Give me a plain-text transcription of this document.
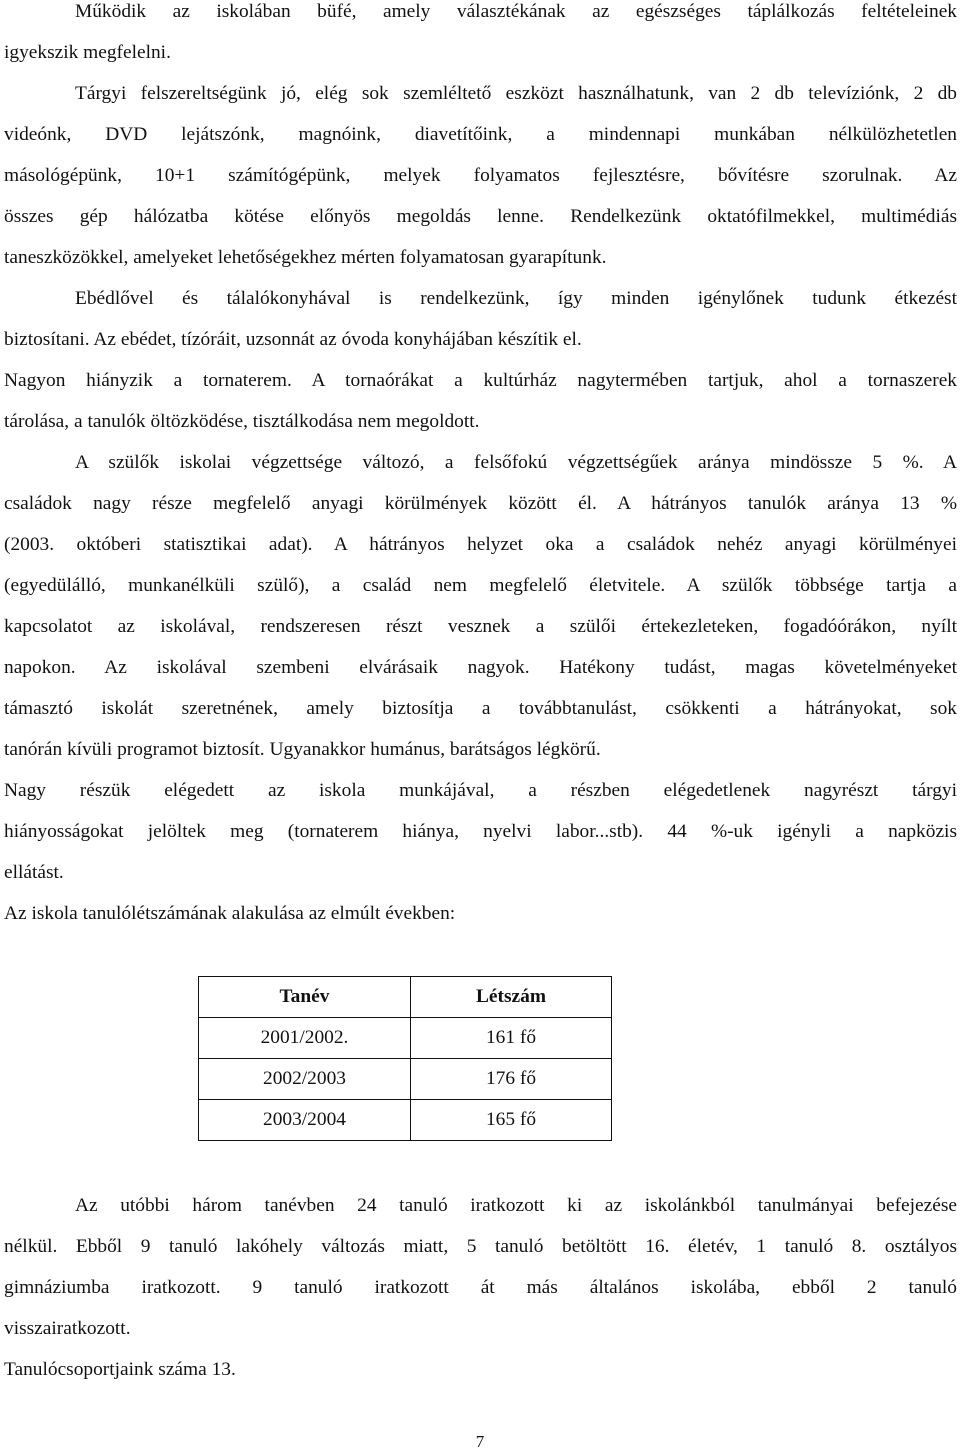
Működik az iskolában büfé, amely választékának az egészséges táplálkozás feltételeinek
igyekszik megfelelni.
Tárgyi felszereltségünk jó, elég sok szemléltető eszközt használhatunk, van 2 db televíziónk, 2 db
videónk, DVD lejátszónk, magnóink, diavetítőink, a mindennapi munkában nélkülözhetetlen
másológépünk, 10+1 számítógépünk, melyek folyamatos fejlesztésre, bővítésre szorulnak. Az
összes gép hálózatba kötése előnyös megoldás lenne. Rendelkezünk oktatófilmekkel, multimédiás
taneszközökkel, amelyeket lehetőségekhez mérten folyamatosan gyarapítunk.
Ebédlővel és tálalókonyhával is rendelkezünk, így minden igénylőnek tudunk étkezést
biztosítani. Az ebédet, tízóráit, uzsonnát az óvoda konyhájában készítik el.
Nagyon hiányzik a tornaterem. A tornaórákat a kultúrház nagytermében tartjuk, ahol a tornaszerek
tárolása, a tanulók öltözködése, tisztálkodása nem megoldott.
A szülők iskolai végzettsége változó, a felsőfokú végzettségűek aránya mindössze 5 %. A
családok nagy része megfelelő anyagi körülmények között él. A hátrányos tanulók aránya 13 %
(2003. októberi statisztikai adat). A hátrányos helyzet oka a családok nehéz anyagi körülményei
(egyedülálló, munkanélküli szülő), a család nem megfelelő életvitele. A szülők többsége tartja a
kapcsolatot az iskolával, rendszeresen részt vesznek a szülői értekezleteken, fogadóórákon, nyílt
napokon. Az iskolával szembeni elvárásaik nagyok. Hatékony tudást, magas követelményeket
támasztó iskolát szeretnének, amely biztosítja a továbbtanulást, csökkenti a hátrányokat, sok
tanórán kívüli programot biztosít. Ugyanakkor humánus, barátságos légkörű.
Nagy részük elégedett az iskola munkájával, a részben elégedetlenek nagyrészt tárgyi
hiányosságokat jelöltek meg (tornaterem hiánya, nyelvi labor...stb). 44 %-uk igényli a napközis
ellátást.
Az iskola tanulólétszámának alakulása az elmúlt években:
Tanév	Létszám
2001/2002.	161 fő
2002/2003	176 fő
2003/2004	165 fő
Az utóbbi három tanévben 24 tanuló iratkozott ki az iskolánkból tanulmányai befejezése
nélkül. Ebből 9 tanuló lakóhely változás miatt, 5 tanuló betöltött 16. életév, 1 tanuló 8. osztályos
gimnáziumba iratkozott. 9 tanuló iratkozott át más általános iskolába, ebből 2 tanuló
visszairatkozott.
Tanulócsoportjaink száma 13.
7
